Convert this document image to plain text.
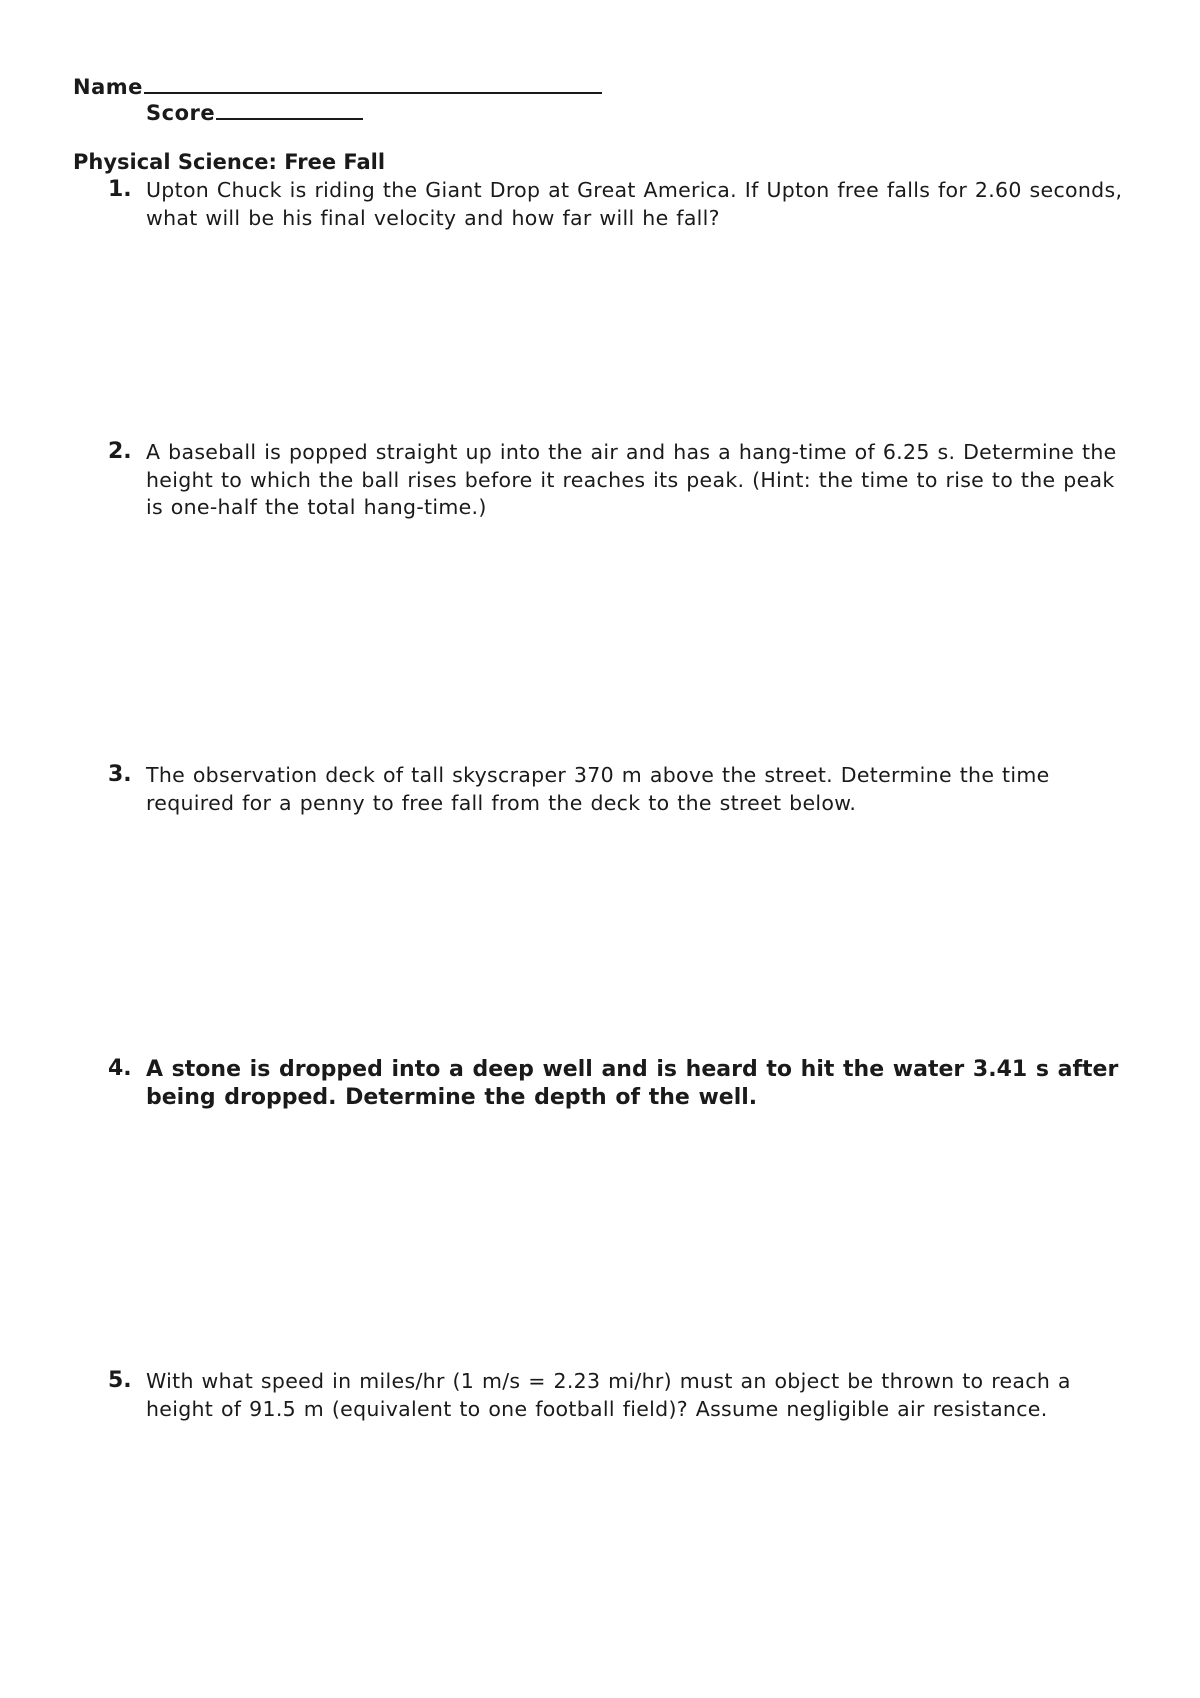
Name
Score
Physical Science: Free Fall
1. Upton Chuck is riding the Giant Drop at Great America. If Upton free falls for 2.60 seconds, what will be his final velocity and how far will he fall?
2. A baseball is popped straight up into the air and has a hang-time of 6.25 s. Determine the height to which the ball rises before it reaches its peak. (Hint: the time to rise to the peak is one-half the total hang-time.)
3. The observation deck of tall skyscraper 370 m above the street. Determine the time required for a penny to free fall from the deck to the street below.
4. A stone is dropped into a deep well and is heard to hit the water 3.41 s after being dropped. Determine the depth of the well.
5. With what speed in miles/hr (1 m/s = 2.23 mi/hr) must an object be thrown to reach a height of 91.5 m (equivalent to one football field)? Assume negligible air resistance.
